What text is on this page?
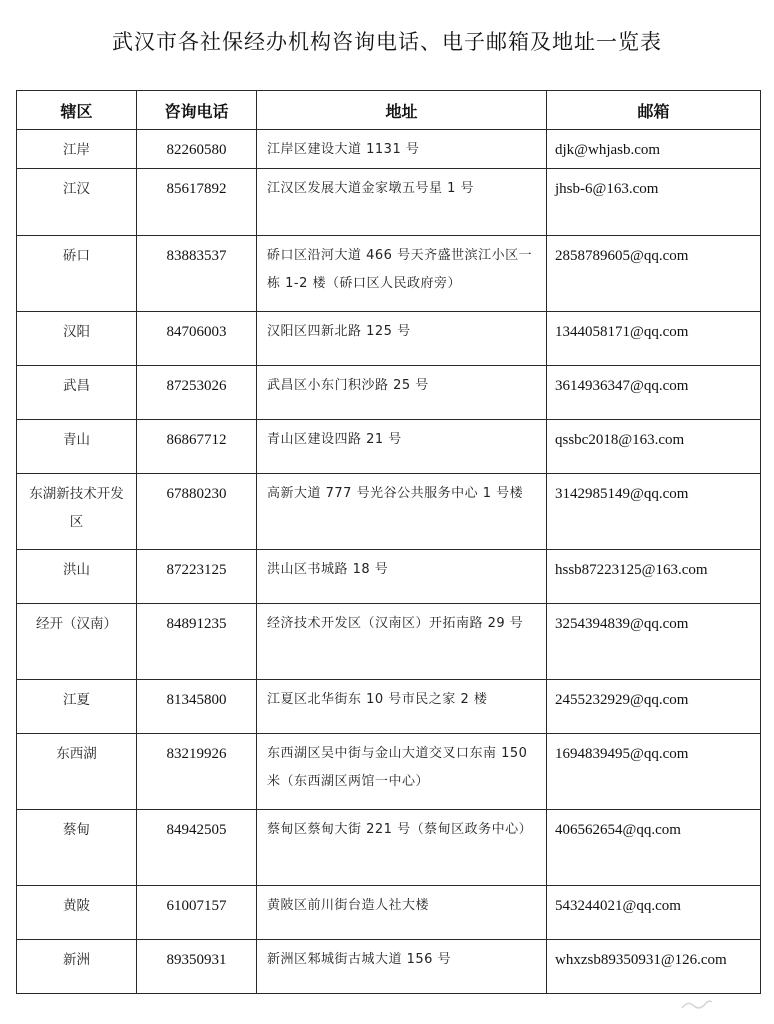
武汉市各社保经办机构咨询电话、电子邮箱及地址一览表
辖区	咨询电话	地址	邮箱

江岸	82260580	江岸区建设大道 1131 号	djk@whjasb.com

江汉	85617892	江汉区发展大道金家墩五号星 1 号	jhsb-6@163.com

硚口	83883537	硚口区沿河大道 466 号天齐盛世滨江小区一栋 1-2 楼（硚口区人民政府旁）	2858789605@qq.com

汉阳	84706003	汉阳区四新北路 125 号	1344058171@qq.com

武昌	87253026	武昌区小东门积沙路 25 号	3614936347@qq.com

青山	86867712	青山区建设四路 21 号	qssbc2018@163.com

东湖新技术开发区	67880230	高新大道 777 号光谷公共服务中心 1 号楼	3142985149@qq.com

洪山	87223125	洪山区书城路 18 号	hssb87223125@163.com

经开（汉南）	84891235	经济技术开发区（汉南区）开拓南路 29 号	3254394839@qq.com

江夏	81345800	江夏区北华街东 10 号市民之家 2 楼	2455232929@qq.com

东西湖	83219926	东西湖区吴中街与金山大道交叉口东南 150 米（东西湖区两馆一中心）	1694839495@qq.com

蔡甸	84942505	蔡甸区蔡甸大街 221 号（蔡甸区政务中心）	406562654@qq.com

黄陂	61007157	黄陂区前川街台造人社大楼	543244021@qq.com

新洲	89350931	新洲区邾城街古城大道 156 号	whxzsb89350931@126.com
